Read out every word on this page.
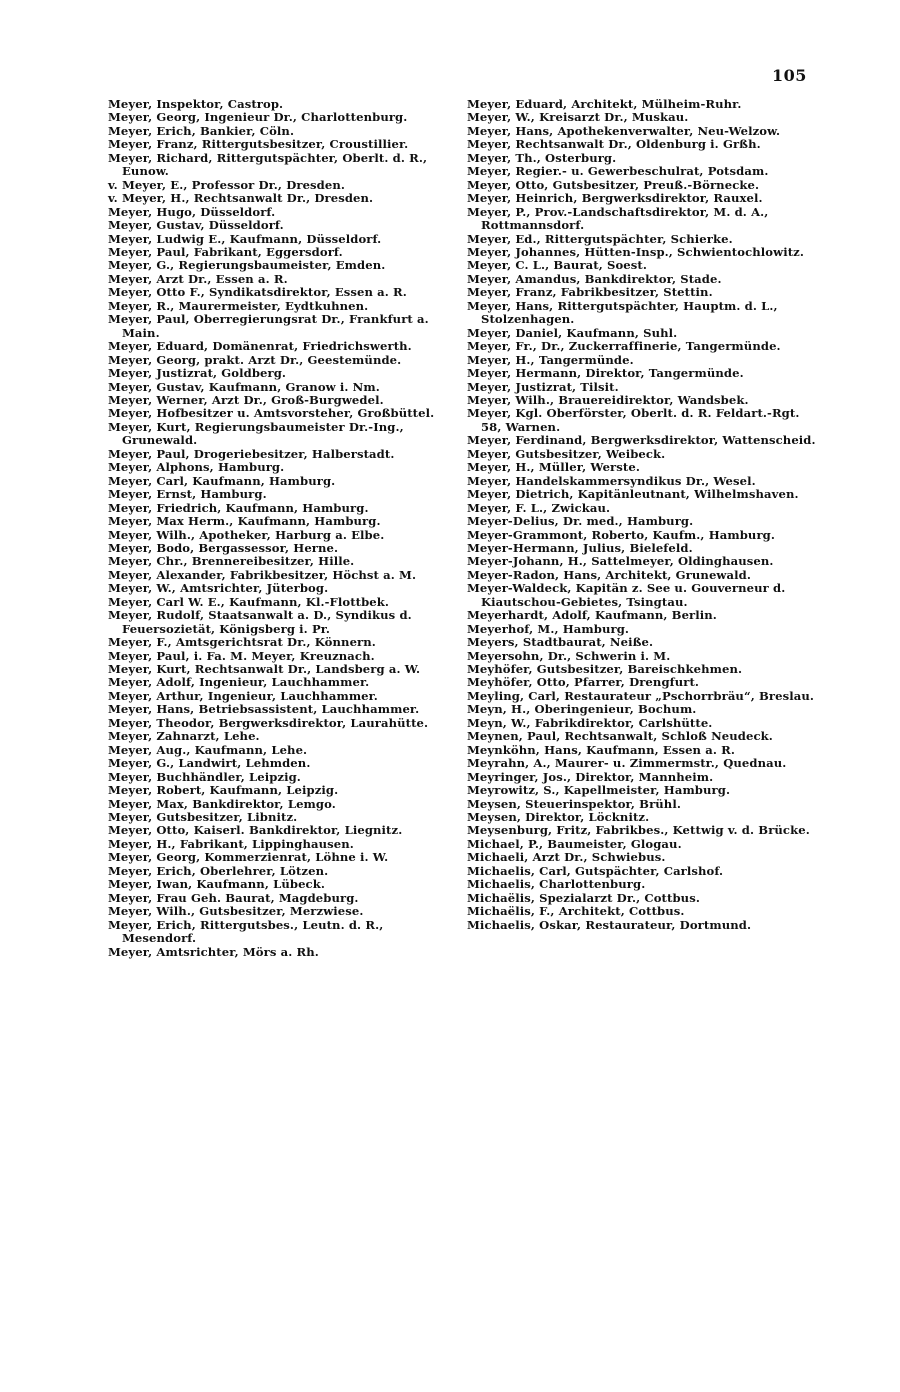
105

Meyer, Inspektor, Castrop.

Meyer, Georg, Ingenieur Dr., Charlottenburg.

Meyer, Erich, Bankier, Cöln.

Meyer, Franz, Rittergutsbesitzer, Croustillier.

Meyer, Richard, Rittergutspächter, Oberlt. d. R., Eunow.

v. Meyer, E., Professor Dr., Dresden.

v. Meyer, H., Rechtsanwalt Dr., Dresden.

Meyer, Hugo, Düsseldorf.

Meyer, Gustav, Düsseldorf.

Meyer, Ludwig E., Kaufmann, Düsseldorf.

Meyer, Paul, Fabrikant, Eggersdorf.

Meyer, G., Regierungsbaumeister, Emden.

Meyer, Arzt Dr., Essen a. R.

Meyer, Otto F., Syndikatsdirektor, Essen a. R.

Meyer, R., Maurermeister, Eydtkuhnen.

Meyer, Paul, Oberregierungsrat Dr., Frankfurt a. Main.

Meyer, Eduard, Domänenrat, Friedrichswerth.

Meyer, Georg, prakt. Arzt Dr., Geestemünde.

Meyer, Justizrat, Goldberg.

Meyer, Gustav, Kaufmann, Granow i. Nm.

Meyer, Werner, Arzt Dr., Groß-Burgwedel.

Meyer, Hofbesitzer u. Amtsvorsteher, Großbüttel.

Meyer, Kurt, Regierungsbaumeister Dr.-Ing., Grunewald.

Meyer, Paul, Drogeriebesitzer, Halberstadt.

Meyer, Alphons, Hamburg.

Meyer, Carl, Kaufmann, Hamburg.

Meyer, Ernst, Hamburg.

Meyer, Friedrich, Kaufmann, Hamburg.

Meyer, Max Herm., Kaufmann, Hamburg.

Meyer, Wilh., Apotheker, Harburg a. Elbe.

Meyer, Bodo, Bergassessor, Herne.

Meyer, Chr., Brennereibesitzer, Hille.

Meyer, Alexander, Fabrikbesitzer, Höchst a. M.

Meyer, W., Amtsrichter, Jüterbog.

Meyer, Carl W. E., Kaufmann, Kl.-Flottbek.

Meyer, Rudolf, Staatsanwalt a. D., Syndikus d. Feuersozietät, Königsberg i. Pr.

Meyer, F., Amtsgerichtsrat Dr., Könnern.

Meyer, Paul, i. Fa. M. Meyer, Kreuznach.

Meyer, Kurt, Rechtsanwalt Dr., Landsberg a. W.

Meyer, Adolf, Ingenieur, Lauchhammer.

Meyer, Arthur, Ingenieur, Lauchhammer.

Meyer, Hans, Betriebsassistent, Lauchhammer.

Meyer, Theodor, Bergwerksdirektor, Laurahütte.

Meyer, Zahnarzt, Lehe.

Meyer, Aug., Kaufmann, Lehe.

Meyer, G., Landwirt, Lehmden.

Meyer, Buchhändler, Leipzig.

Meyer, Robert, Kaufmann, Leipzig.

Meyer, Max, Bankdirektor, Lemgo.

Meyer, Gutsbesitzer, Libnitz.

Meyer, Otto, Kaiserl. Bankdirektor, Liegnitz.

Meyer, H., Fabrikant, Lippinghausen.

Meyer, Georg, Kommerzienrat, Löhne i. W.

Meyer, Erich, Oberlehrer, Lötzen.

Meyer, Iwan, Kaufmann, Lübeck.

Meyer, Frau Geh. Baurat, Magdeburg.

Meyer, Wilh., Gutsbesitzer, Merzwiese.

Meyer, Erich, Rittergutsbes., Leutn. d. R., Mesendorf.

Meyer, Amtsrichter, Mörs a. Rh.

Meyer, Eduard, Architekt, Mülheim-Ruhr.

Meyer, W., Kreisarzt Dr., Muskau.

Meyer, Hans, Apothekenverwalter, Neu-Welzow.

Meyer, Rechtsanwalt Dr., Oldenburg i. Grßh.

Meyer, Th., Osterburg.

Meyer, Regier.- u. Gewerbeschulrat, Potsdam.

Meyer, Otto, Gutsbesitzer, Preuß.-Börnecke.

Meyer, Heinrich, Bergwerksdirektor, Rauxel.

Meyer, P., Prov.-Landschaftsdirektor, M. d. A., Rottmannsdorf.

Meyer, Ed., Rittergutspächter, Schierke.

Meyer, Johannes, Hütten-Insp., Schwientochlowitz.

Meyer, C. L., Baurat, Soest.

Meyer, Amandus, Bankdirektor, Stade.

Meyer, Franz, Fabrikbesitzer, Stettin.

Meyer, Hans, Rittergutspächter, Hauptm. d. L., Stolzenhagen.

Meyer, Daniel, Kaufmann, Suhl.

Meyer, Fr., Dr., Zuckerraffinerie, Tangermünde.

Meyer, H., Tangermünde.

Meyer, Hermann, Direktor, Tangermünde.

Meyer, Justizrat, Tilsit.

Meyer, Wilh., Brauereidirektor, Wandsbek.

Meyer, Kgl. Oberförster, Oberlt. d. R. Feldart.-Rgt. 58, Warnen.

Meyer, Ferdinand, Bergwerksdirektor, Wattenscheid.

Meyer, Gutsbesitzer, Weibeck.

Meyer, H., Müller, Werste.

Meyer, Handelskammersyndikus Dr., Wesel.

Meyer, Dietrich, Kapitänleutnant, Wilhelmshaven.

Meyer, F. L., Zwickau.

Meyer-Delius, Dr. med., Hamburg.

Meyer-Grammont, Roberto, Kaufm., Hamburg.

Meyer-Hermann, Julius, Bielefeld.

Meyer-Johann, H., Sattelmeyer, Oldinghausen.

Meyer-Radon, Hans, Architekt, Grunewald.

Meyer-Waldeck, Kapitän z. See u. Gouverneur d. Kiautschou-Gebietes, Tsingtau.

Meyerhardt, Adolf, Kaufmann, Berlin.

Meyerhof, M., Hamburg.

Meyers, Stadtbaurat, Neiße.

Meyersohn, Dr., Schwerin i. M.

Meyhöfer, Gutsbesitzer, Bareischkehmen.

Meyhöfer, Otto, Pfarrer, Drengfurt.

Meyling, Carl, Restaurateur „Pschorrbräu“, Breslau.

Meyn, H., Oberingenieur, Bochum.

Meyn, W., Fabrikdirektor, Carlshütte.

Meynen, Paul, Rechtsanwalt, Schloß Neudeck.

Meynköhn, Hans, Kaufmann, Essen a. R.

Meyrahn, A., Maurer- u. Zimmermstr., Quednau.

Meyringer, Jos., Direktor, Mannheim.

Meyrowitz, S., Kapellmeister, Hamburg.

Meysen, Steuerinspektor, Brühl.

Meysen, Direktor, Löcknitz.

Meysenburg, Fritz, Fabrikbes., Kettwig v. d. Brücke.

Michael, P., Baumeister, Glogau.

Michaeli, Arzt Dr., Schwiebus.

Michaelis, Carl, Gutspächter, Carlshof.

Michaelis, Charlottenburg.

Michaëlis, Spezialarzt Dr., Cottbus.

Michaëlis, F., Architekt, Cottbus.

Michaelis, Oskar, Restaurateur, Dortmund.
